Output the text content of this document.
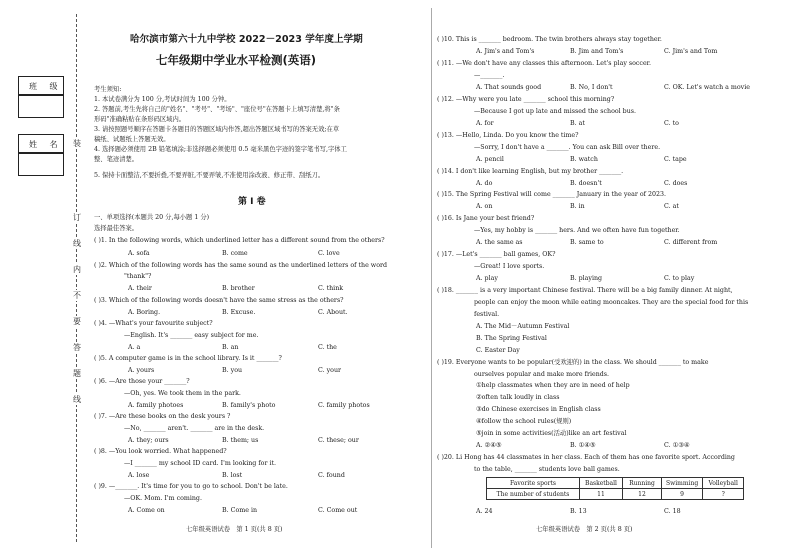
班 级
姓 名 装
订
线
内
不
要
答
题
线
哈尔滨市第六十九中学校 2022－2023 学年度上学期
七年级期中学业水平检测(英语)
考生须知:
1. 本试卷满分为 100 分,考试时间为 100 分钟。
2. 答题前,考生先将自己的"姓名"、"考号"、"考场"、"座位号"在答题卡上填写清楚,将"条
形码"准确粘贴在条形码区域内。
3. 请按照题号顺序在答题卡各题目的答题区域内作答,超出答题区域书写的答案无效;在草
稿纸、试题纸上答题无效。
4. 选择题必须使用 2B 铅笔填涂;非选择题必须使用 0.5 毫米黑色字迹的签字笔书写,字体工
整、笔迹清楚。
5. 保持卡面整洁,不要折叠,不要弄脏,不要弄皱,不准使用涂改液、修正带、刮纸刀。
第 Ⅰ 卷
一、单项选择(本题共 20 分,每小题 1 分)
选择最佳答案。
( )1. In the following words, which underlined letter has a different sound from the others?
A. sofa	B. come	C. love
( )2. Which of the following words has the same sound as the underlined letters of the word
"thank"?
A. their	B. brother	C. think
( )3. Which of the following words doesn't have the same stress as the others?
A. Boring.	B. Excuse.	C. About.
( )4. —What's your favourite subject?
—English. It's _______ easy subject for me.
A. a	B. an	C. the
( )5. A computer game is in the school library. Is it _______?
A. yours	B. you	C. your
( )6. —Are those your _______?
—Oh, yes. We took them in the park.
A. family photoes	B. family's photo	C. family photos
( )7. —Are these books on the desk yours ?
—No, _______ aren't. _______ are in the desk.
A. they; ours	B. them; us	C. these; our
( )8. —You look worried. What happened?
—I _______ my school ID card. I'm looking for it.
A. lose	B. lost	C. found
( )9. —_______. It's time for you to go to school. Don't be late.
—OK. Mom. I'm coming.
A. Come on	B. Come in	C. Come out
七年级英语试卷　第 1 页(共 8 页)
( )10. This is _______ bedroom. The twin brothers always stay together.
A. Jim's and Tom's	B. Jim and Tom's	C. Jim's and Tom
( )11. —We don't have any classes this afternoon. Let's play soccer.
—_______.
A. That sounds good	B. No, I don't	C. OK. Let's watch a movie
( )12. —Why were you late _______ school this morning?
—Because I got up late and missed the school bus.
A. for	B. at	C. to
( )13. —Hello, Linda. Do you know the time?
—Sorry, I don't have a _______. You can ask Bill over there.
A. pencil	B. watch	C. tape
( )14. I don't like learning English, but my brother _______.
A. do	B. doesn't	C. does
( )15. The Spring Festival will come _______ January in the year of 2023.
A. on	B. in	C. at
( )16. Is Jane your best friend?
—Yes, my hobby is _______ hers. And we often have fun together.
A. the same as	B. same to	C. different from
( )17. —Let's _______ ball games, OK?
—Great! I love sports.
A. play	B. playing	C. to play
( )18. _______ is a very important Chinese festival. There will be a big family dinner. At night,
people can enjoy the moon while eating mooncakes. They are the special food for this
festival.
A. The Mid－Autumn Festival
B. The Spring Festival
C. Easter Day
( )19. Everyone wants to be popular(受欢迎的) in the class. We should _______ to make
ourselves popular and make more friends.
①help classmates when they are in need of help
②often talk loudly in class
③do Chinese exercises in English class
④follow the school rules(规则)
⑤join in some activities(活动)like an art festival
A. ②④⑤	B. ①④⑤	C. ①③④
( )20. Li Hong has 44 classmates in her class. Each of them has one favorite sport. According
to the table, _______ students love ball games.
Favorite sports	Basketball	Running	Swimming	Volleyball
The number of students	11	12	9	?
A. 24	B. 13	C. 18
七年级英语试卷　第 2 页(共 8 页)
